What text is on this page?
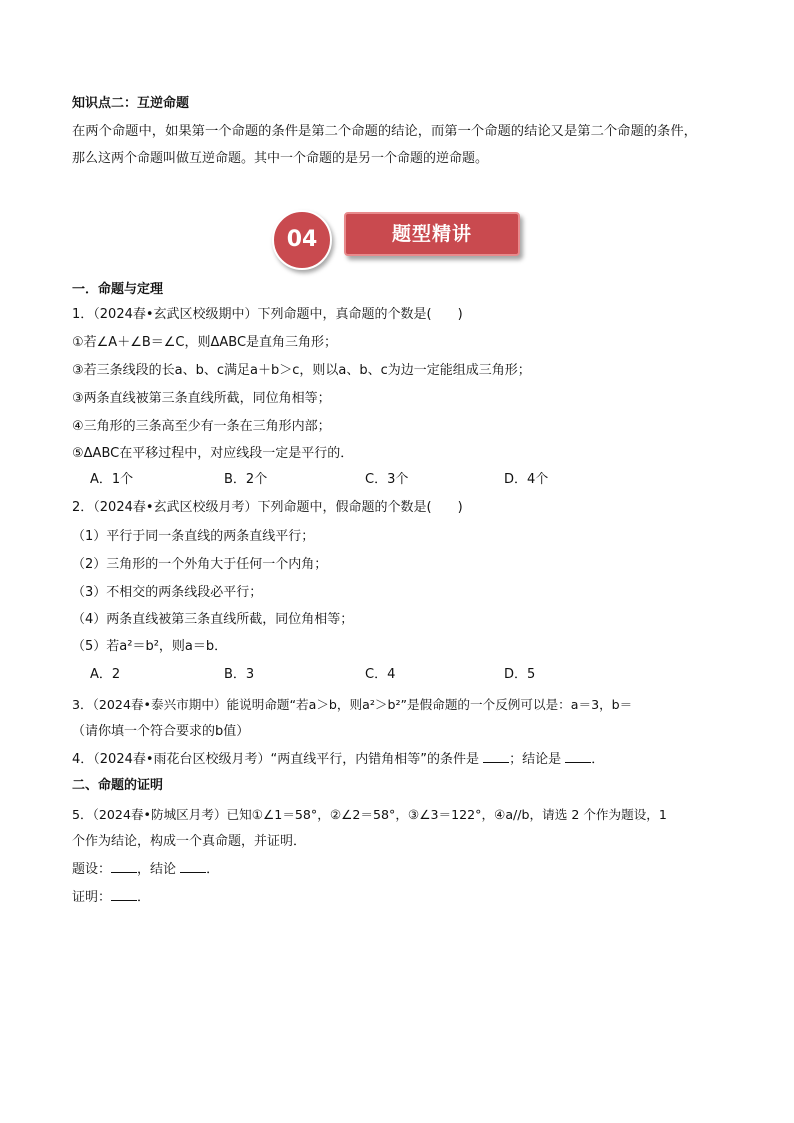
知识点二：互逆命题
在两个命题中，如果第一个命题的条件是第二个命题的结论，而第一个命题的结论又是第二个命题的条件，
那么这两个命题叫做互逆命题。其中一个命题的是另一个命题的逆命题。
04	题型精讲
一．命题与定理
1．（2024春•玄武区校级期中）下列命题中，真命题的个数是(　　)
①若∠A＋∠B＝∠C，则ΔABC是直角三角形；
③若三条线段的长a、b、c满足a＋b＞c，则以a、b、c为边一定能组成三角形；
③两条直线被第三条直线所截，同位角相等；
④三角形的三条高至少有一条在三角形内部；
⑤ΔABC在平移过程中，对应线段一定是平行的．
A．1个	B．2个	C．3个	D．4个
2．（2024春•玄武区校级月考）下列命题中，假命题的个数是(　　)
（1）平行于同一条直线的两条直线平行；
（2）三角形的一个外角大于任何一个内角；
（3）不相交的两条线段必平行；
（4）两条直线被第三条直线所截，同位角相等；
（5）若a²＝b²，则a＝b．
A．2	B．3	C．4	D．5
3．（2024春•泰兴市期中）能说明命题“若a＞b，则a²＞b²”是假命题的一个反例可以是：a＝3，b＝
（请你填一个符合要求的b值）
4．（2024春•雨花台区校级月考）“两直线平行，内错角相等”的条件是 ；结论是 ．
二、命题的证明
5．（2024春•防城区月考）已知①∠1＝58°，②∠2＝58°，③∠3＝122°，④a//b，请选 2 个作为题设，1
个作为结论，构成一个真命题，并证明．
题设： ，结论 ．
证明： ．
